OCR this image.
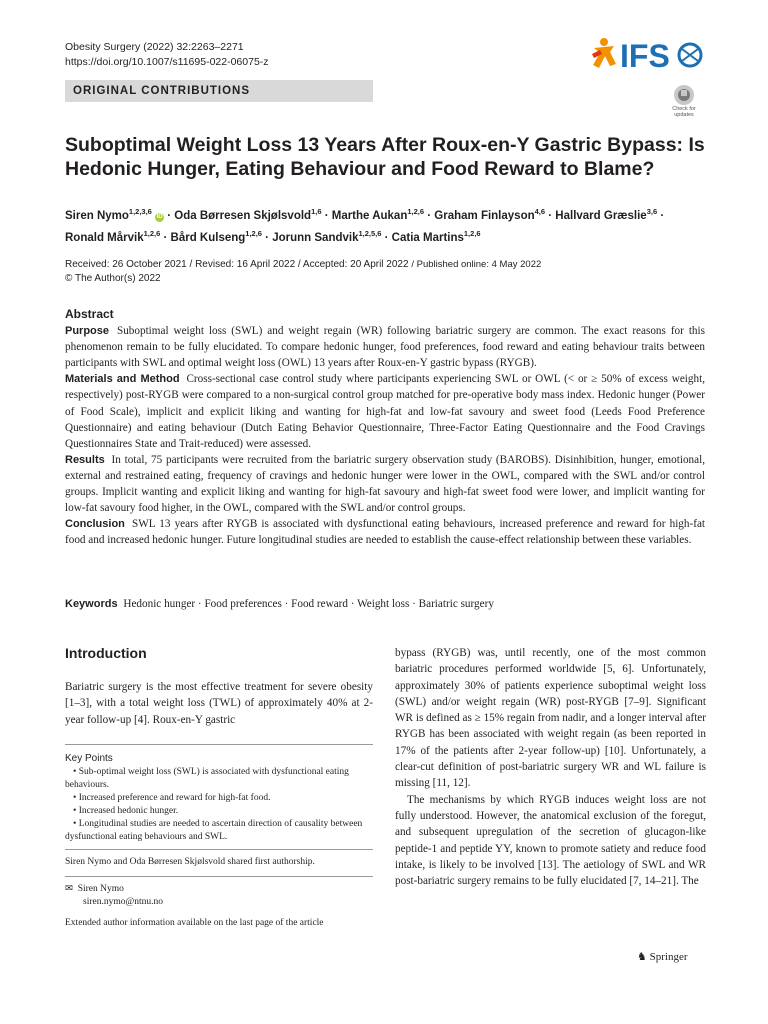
Obesity Surgery (2022) 32:2263–2271
https://doi.org/10.1007/s11695-022-06075-z
ORIGINAL CONTRIBUTIONS
IFS
Check for updates
Suboptimal Weight Loss 13 Years After Roux-en-Y Gastric Bypass: Is Hedonic Hunger, Eating Behaviour and Food Reward to Blame?
Siren Nymo$^{1,2,3,6}$ iD · Oda Børresen Skjølsvold$^{1,6}$ · Marthe Aukan$^{1,2,6}$ · Graham Finlayson$^{4,6}$ · Hallvard Græslie$^{3,6}$ ·
Ronald Mårvik$^{1,2,6}$ · Bård Kulseng$^{1,2,6}$ · Jorunn Sandvik$^{1,2,5,6}$ · Catia Martins$^{1,2,6}$
Received: 26 October 2021 / Revised: 16 April 2022 / Accepted: 20 April 2022 / Published online: 4 May 2022
© The Author(s) 2022
Abstract

Purpose Suboptimal weight loss (SWL) and weight regain (WR) following bariatric surgery are common. The exact reasons for this phenomenon remain to be fully elucidated. To compare hedonic hunger, food preferences, food reward and eating behaviour traits between participants with SWL and optimal weight loss (OWL) 13 years after Roux-en-Y gastric bypass (RYGB).

Materials and Method Cross-sectional case control study where participants experiencing SWL or OWL (< or ≥ 50% of excess weight, respectively) post-RYGB were compared to a non-surgical control group matched for pre-operative body mass index. Hedonic hunger (Power of Food Scale), implicit and explicit liking and wanting for high-fat and low-fat savoury and sweet food (Leeds Food Preference Questionnaire) and eating behaviour (Dutch Eating Behavior Questionnaire, Three-Factor Eating Questionnaire and the Food Cravings Questionnaires State and Trait-reduced) were assessed.

Results In total, 75 participants were recruited from the bariatric surgery observation study (BAROBS). Disinhibition, hunger, emotional, external and restrained eating, frequency of cravings and hedonic hunger were lower in the OWL, compared with the SWL and/or control groups. Implicit wanting and explicit liking and wanting for high-fat savoury and high-fat sweet food were lower, and implicit wanting for low-fat savoury food higher, in the OWL, compared with the SWL and/or control groups.

Conclusion SWL 13 years after RYGB is associated with dysfunctional eating behaviours, increased preference and reward for high-fat food and increased hedonic hunger. Future longitudinal studies are needed to establish the cause-effect relationship between these variables.

Keywords Hedonic hunger · Food preferences · Food reward · Weight loss · Bariatric surgery
Introduction
Bariatric surgery is the most effective treatment for severe obesity [1–3], with a total weight loss (TWL) of approximately 40% at 2-year follow-up [4]. Roux-en-Y gastric
Key Points
• Sub-optimal weight loss (SWL) is associated with dysfunctional eating behaviours.
• Increased preference and reward for high-fat food.
• Increased hedonic hunger.
• Longitudinal studies are needed to ascertain direction of causality between dysfunctional eating behaviours and SWL.
Siren Nymo and Oda Børresen Skjølsvold shared first authorship.
✉ Siren Nymo
siren.nymo@ntnu.no
Extended author information available on the last page of the article

bypass (RYGB) was, until recently, one of the most common bariatric procedures performed worldwide [5, 6]. Unfortunately, approximately 30% of patients experience suboptimal weight loss (SWL) and/or weight regain (WR) post-RYGB [7–9]. Significant WR is defined as ≥ 15% regain from nadir, and a longer interval after RYGB has been associated with weight regain (as been reported in 17% of the patients after 2-year follow-up) [10]. Unfortunately, a clear-cut definition of post-bariatric surgery WR and WL failure is missing [11, 12].

The mechanisms by which RYGB induces weight loss are not fully understood. However, the anatomical exclusion of the foregut, and subsequent upregulation of the secretion of glucagon-like peptide-1 and peptide YY, known to promote satiety and reduce food intake, is likely to be involved [13]. The aetiology of SWL and WR post-bariatric surgery remains to be fully elucidated [7, 14–21]. The

♞ Springer
